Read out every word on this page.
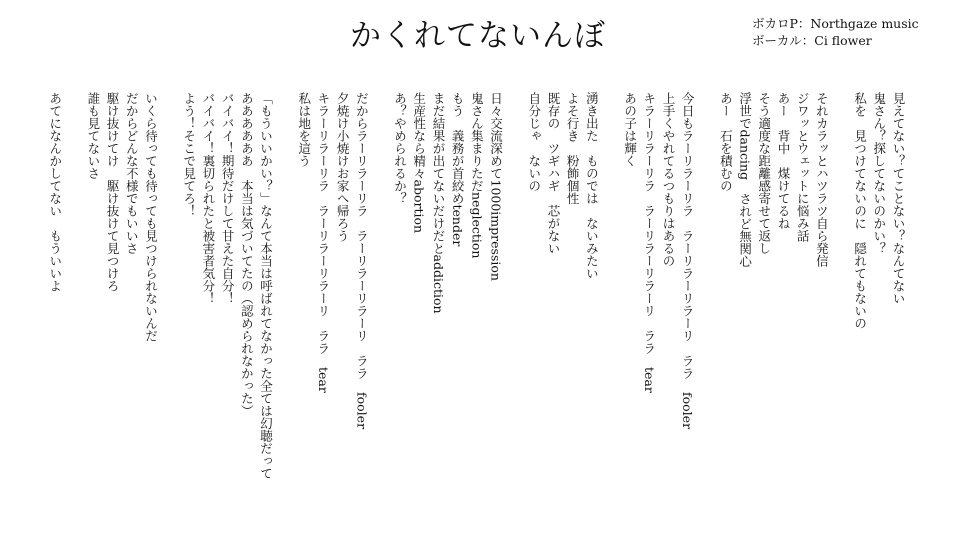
かくれてないんぼ	ボカロP：Northgaze music
ボーカル：Ci flower
見えてない？てことない？なんてない
鬼さん？探してないのかい？
私を　見つけてないのに　隠れてもないの
それカラッとハツラツ自ら発信
ジワッとウェットに悩み話
あー　背中　煤けてるね
そう適度な距離感寄せて返し
浮世でdancing　されど無関心
あー　石を積むの
今日もラーリラーリラ　ラーリラーリラーリ　ララ　fooler
上手くやれてるつもりはあるの
キラーリラーリラ　ラーリラーリラーリ　ララ　tear
あの子は輝く
湧き出た　ものでは　ないみたい
よそ行き　粉飾個性
既存の　ツギハギ　芯がない
自分じゃ　ないの
日々交流深めて1000impression
鬼さん集まりただneglection
もう　義務が首絞めtender
まだ結果が出てないだけだとaddiction
生産性なら精々abortion
あ？やめられるか？
だからラーリラーリラ　ラーリラーリラーリ　ララ　fooler
夕焼け小焼けお家へ帰ろう
キラーリラーリラ　ラーリラーリラーリ　ララ　tear
私は地を這う
「もういいかい？」なんて本当は呼ばれてなかった全ては幻聴だって
ああああああ　本当は気づいてたの（認められなかった）
バイバイ！期待だけして甘えた自分！
バイバイ！裏切られたと被害者気分！
よう！そこで見てろ！
いくら待っても待っても見つけられないんだ
だからどんな不様でもいいさ
駆け抜けてけ　駆け抜けて見つけろ
誰も見てないさ
あてになんかしてない　もういいよ
